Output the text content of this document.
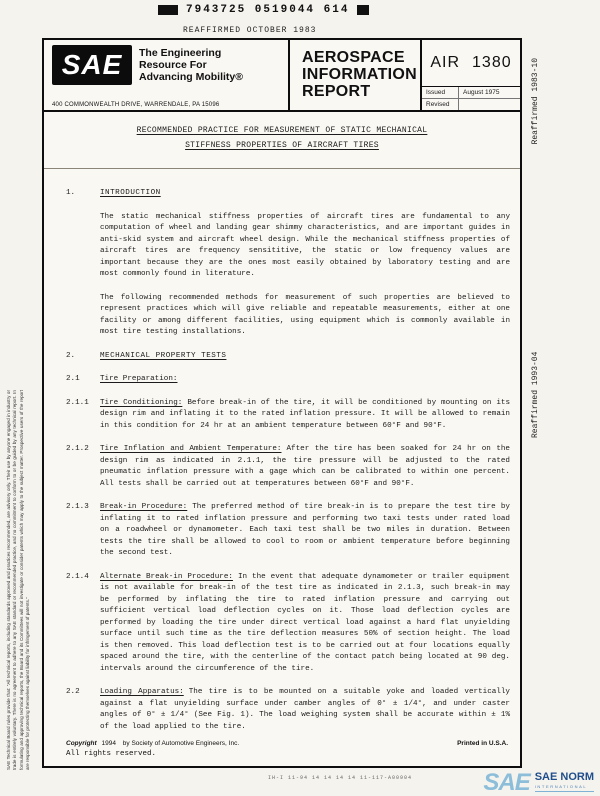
7943725 0519044 614
REAFFIRMED OCTOBER 1983
SAE	The Engineering
Resource For
Advancing Mobility®
400 COMMONWEALTH DRIVE, WARRENDALE, PA 15096
AEROSPACE
INFORMATION
REPORT
AIR 1380
Issued	August 1975
Revised
RECOMMENDED PRACTICE FOR MEASUREMENT OF STATIC MECHANICAL
STIFFNESS PROPERTIES OF AIRCRAFT TIRES
1.	INTRODUCTION
The static mechanical stiffness properties of aircraft tires are fundamental to any computation of wheel and landing gear shimmy characteristics, and are important guides in anti-skid system and aircraft wheel design. While the mechanical stiffness properties of aircraft tires are frequency sensititive, the static or low frequency values are important because they are the ones most easily obtained by laboratory testing and are most commonly found in literature.
The following recommended methods for measurement of such properties are believed to represent practices which will give reliable and repeatable measurements, either at one facility or among different facilities, using equipment which is commonly available in most tire testing installations.
2.	MECHANICAL PROPERTY TESTS
2.1	Tire Preparation:
2.1.1	Tire Conditioning: Before break-in of the tire, it will be conditioned by mounting on its design rim and inflating it to the rated inflation pressure. It will be allowed to remain in this condition for 24 hr at an ambient temperature between 60°F and 90°F.
2.1.2	Tire Inflation and Ambient Temperature: After the tire has been soaked for 24 hr on the design rim as indicated in 2.1.1, the tire pressure will be adjusted to the rated pneumatic inflation pressure with a gage which can be calibrated to within one percent. All tests shall be carried out at temperatures between 60°F and 90°F.
2.1.3	Break-in Procedure: The preferred method of tire break-in is to prepare the test tire by inflating it to rated inflation pressure and performing two taxi tests under rated load on a roadwheel or dynamometer. Each taxi test shall be two miles in duration. Between tests the tire shall be allowed to cool to room or ambient temperature before beginning the second test.
2.1.4	Alternate Break-in Procedure: In the event that adequate dynamometer or trailer equipment is not available for break-in of the test tire as indicated in 2.1.3, such break-in may be performed by inflating the tire to rated inflation pressure and carrying out sufficient vertical load deflection cycles on it. Those load deflection cycles are performed by loading the tire under direct vertical load against a hard flat unyielding surface until such time as the tire deflection measures 50% of section height. The load is then removed. This load deflection test is to be carried out at four locations equally spaced around the tire, with the centerline of the contact patch being located at 90 deg. intervals around the circumference of the tire.
2.2	Loading Apparatus: The tire is to be mounted on a suitable yoke and loaded vertically against a flat unyielding surface under camber angles of 0° ± 1/4°, and under caster angles of 0° ± 1/4° (See Fig. 1). The load weighing system shall be accurate within ± 1% of the load applied to the tire.
Copyright 1994 by Society of Automotive Engineers, Inc.	Printed in U.S.A.
All rights reserved.
SAE Technical Board rules provide that: "All technical reports, including standards approved and practices recommended, are advisory only. Their use by anyone engaged in industry or trade is entirely voluntary. There is no agreement to adhere to any SAE standard or recommended practice, and no commitment to conform to or be guided by any technical report. In formulating and approving technical reports, the Board and its Committees will not investigate or consider patents which may apply to the subject matter. Prospective users of the report are responsible for protecting themselves against liability for infringement of patents."
Reaffirmed 1993-04
Reaffirmed 1983-10
IH-I 11-94 14 14 14 14 11-117-A00904	SAE SAE NORM
INTERNATIONAL
